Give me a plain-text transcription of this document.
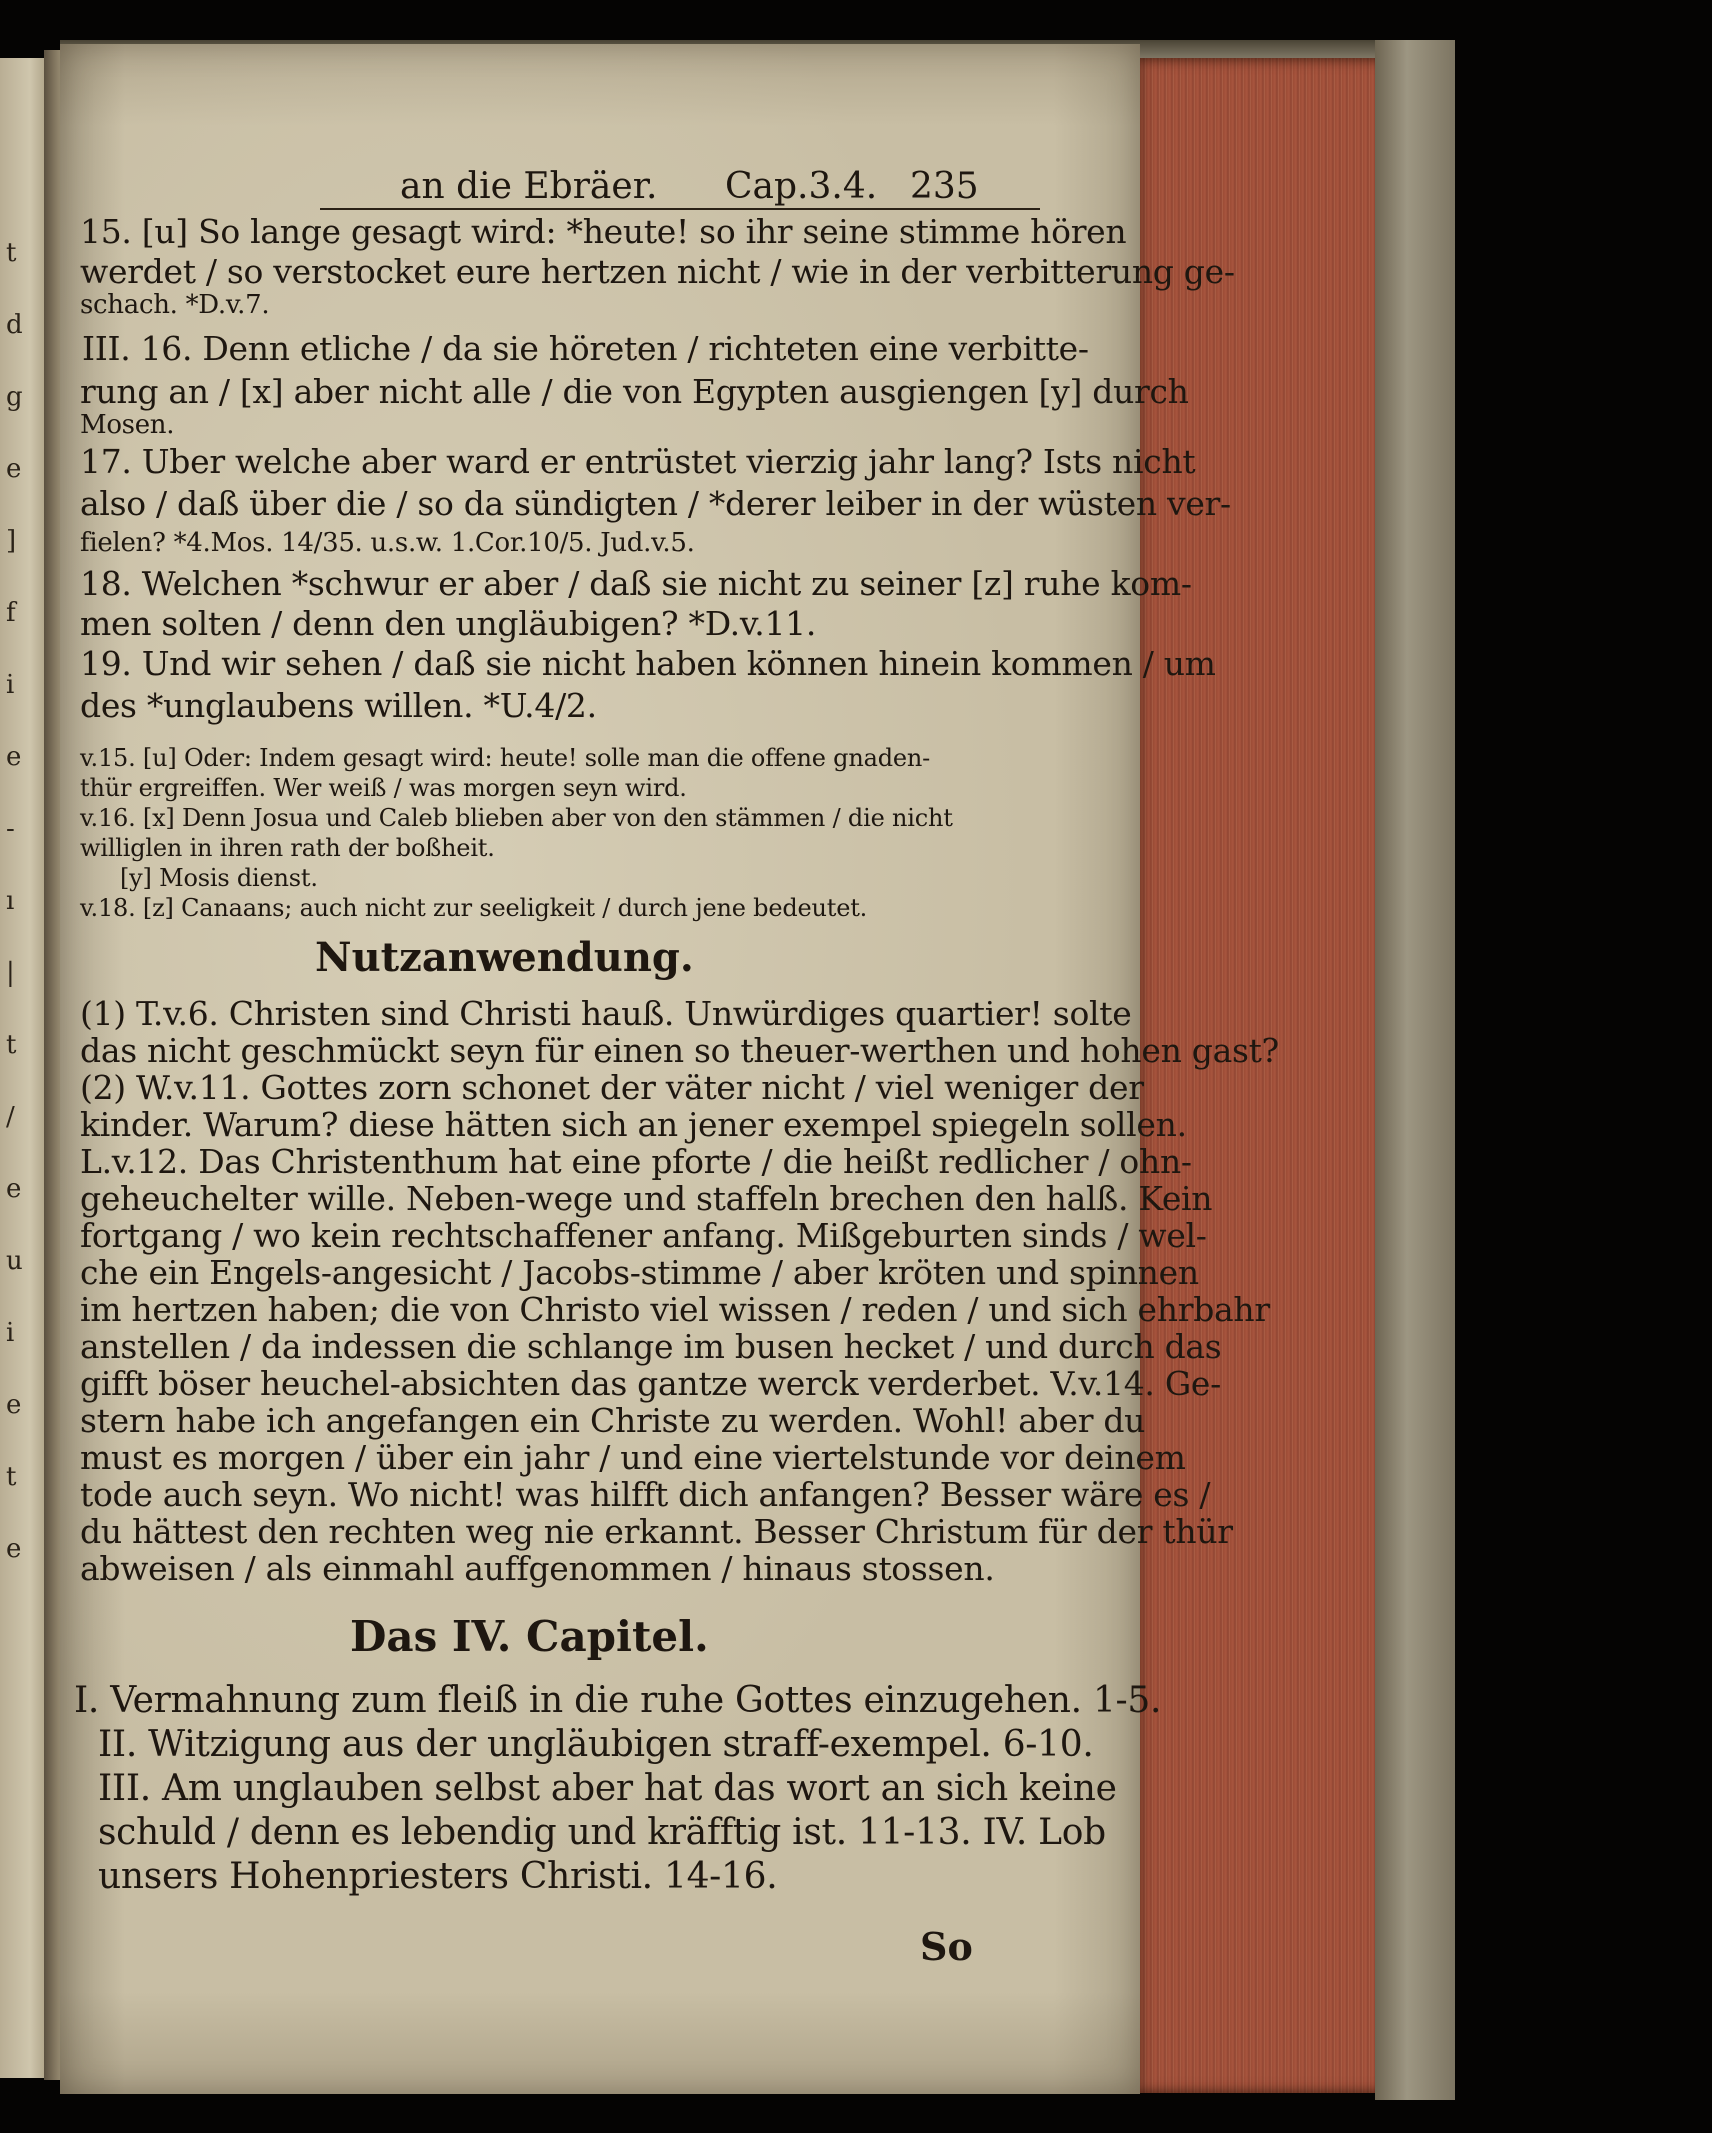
t
d
g
e
]
f
i
e
-
ı
|
t
/
e
u
i
e
t
e
an die Ebräer. Cap.3.4. 235
15. [u] So lange gesagt wird: *heute! so ihr seine stimme hören
werdet / so verstocket eure hertzen nicht / wie in der verbitterung ge-
schach. *D.v.7.
III. 16. Denn etliche / da sie höreten / richteten eine verbitte-
rung an / [x] aber nicht alle / die von Egypten ausgiengen [y] durch
Mosen.
17. Uber welche aber ward er entrüstet vierzig jahr lang? Ists nicht
also / daß über die / so da sündigten / *derer leiber in der wüsten ver-
fielen? *4.Mos. 14/35. u.s.w. 1.Cor.10/5. Jud.v.5.
18. Welchen *schwur er aber / daß sie nicht zu seiner [z] ruhe kom-
men solten / denn den ungläubigen? *D.v.11.
19. Und wir sehen / daß sie nicht haben können hinein kommen / um
des *unglaubens willen. *U.4/2.
v.15. [u] Oder: Indem gesagt wird: heute! solle man die offene gnaden-
thür ergreiffen. Wer weiß / was morgen seyn wird.
v.16. [x] Denn Josua und Caleb blieben aber von den stämmen / die nicht
williglen in ihren rath der boßheit.
[y] Mosis dienst.
v.18. [z] Canaans; auch nicht zur seeligkeit / durch jene bedeutet.
Nutzanwendung.
(1) T.v.6. Christen sind Christi hauß. Unwürdiges quartier! solte
das nicht geschmückt seyn für einen so theuer-werthen und hohen gast?
(2) W.v.11. Gottes zorn schonet der väter nicht / viel weniger der
kinder. Warum? diese hätten sich an jener exempel spiegeln sollen.
L.v.12. Das Christenthum hat eine pforte / die heißt redlicher / ohn-
geheuchelter wille. Neben-wege und staffeln brechen den halß. Kein
fortgang / wo kein rechtschaffener anfang. Mißgeburten sinds / wel-
che ein Engels-angesicht / Jacobs-stimme / aber kröten und spinnen
im hertzen haben; die von Christo viel wissen / reden / und sich ehrbahr
anstellen / da indessen die schlange im busen hecket / und durch das
gifft böser heuchel-absichten das gantze werck verderbet. V.v.14. Ge-
stern habe ich angefangen ein Christe zu werden. Wohl! aber du
must es morgen / über ein jahr / und eine viertelstunde vor deinem
tode auch seyn. Wo nicht! was hilfft dich anfangen? Besser wäre es /
du hättest den rechten weg nie erkannt. Besser Christum für der thür
abweisen / als einmahl auffgenommen / hinaus stossen.
Das IV. Capitel.
I. Vermahnung zum fleiß in die ruhe Gottes einzugehen. 1-5.
II. Witzigung aus der ungläubigen straff-exempel. 6-10.
III. Am unglauben selbst aber hat das wort an sich keine
schuld / denn es lebendig und kräfftig ist. 11-13. IV. Lob
unsers Hohenpriesters Christi. 14-16.
So
